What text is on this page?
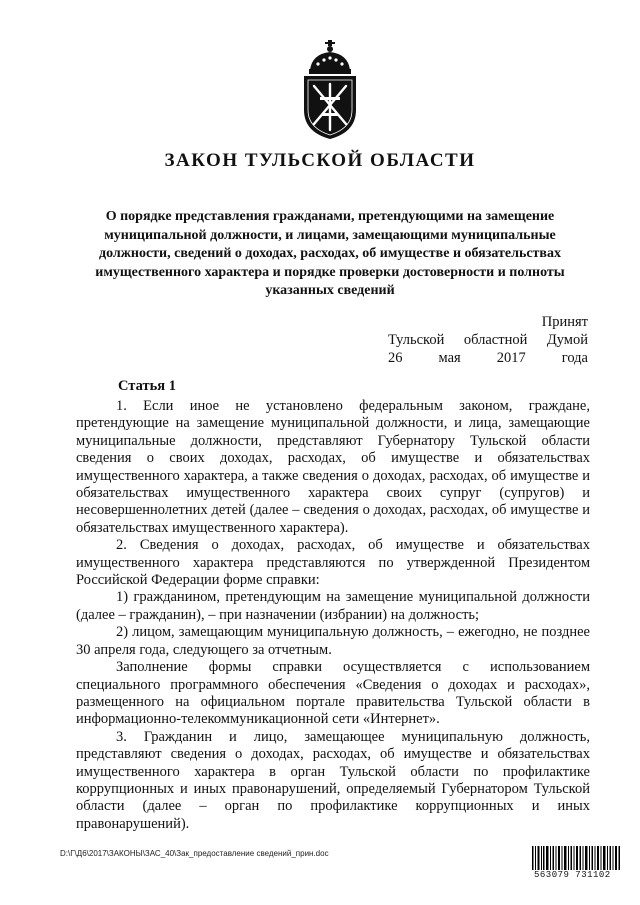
ЗАКОН ТУЛЬСКОЙ ОБЛАСТИ
О порядке представления гражданами, претендующими на замещение муниципальной должности, и лицами, замещающими муниципальные должности, сведений о доходах, расходах, об имуществе и обязательствах имущественного характера и порядке проверки достоверности и полноты указанных сведений
Принят
Тульской областной Думой
26 мая 2017 года
Статья 1

1. Если иное не установлено федеральным законом, граждане, претендующие на замещение муниципальной должности, и лица, замещающие муниципальные должности, представляют Губернатору Тульской области сведения о своих доходах, расходах, об имуществе и обязательствах имущественного характера, а также сведения о доходах, расходах, об имуществе и обязательствах имущественного характера своих супруг (супругов) и несовершеннолетних детей (далее – сведения о доходах, расходах, об имуществе и обязательствах имущественного характера).

2. Сведения о доходах, расходах, об имуществе и обязательствах имущественного характера представляются по утвержденной Президентом Российской Федерации форме справки:

1) гражданином, претендующим на замещение муниципальной должности (далее – гражданин), – при назначении (избрании) на должность;

2) лицом, замещающим муниципальную должность, – ежегодно, не позднее 30 апреля года, следующего за отчетным.

Заполнение формы справки осуществляется с использованием специального программного обеспечения «Сведения о доходах и расходах», размещенного на официальном портале правительства Тульской области в информационно-телекоммуникационной сети «Интернет».

3. Гражданин и лицо, замещающее муниципальную должность, представляют сведения о доходах, расходах, об имуществе и обязательствах имущественного характера в орган Тульской области по профилактике коррупционных и иных правонарушений, определяемый Губернатором Тульской области (далее – орган по профилактике коррупционных и иных правонарушений).

D:\Г\Д6\2017\ЗАКОНЫ\ЗАС_40\Зак_предоставление сведений_прин.doc
563079 731102
